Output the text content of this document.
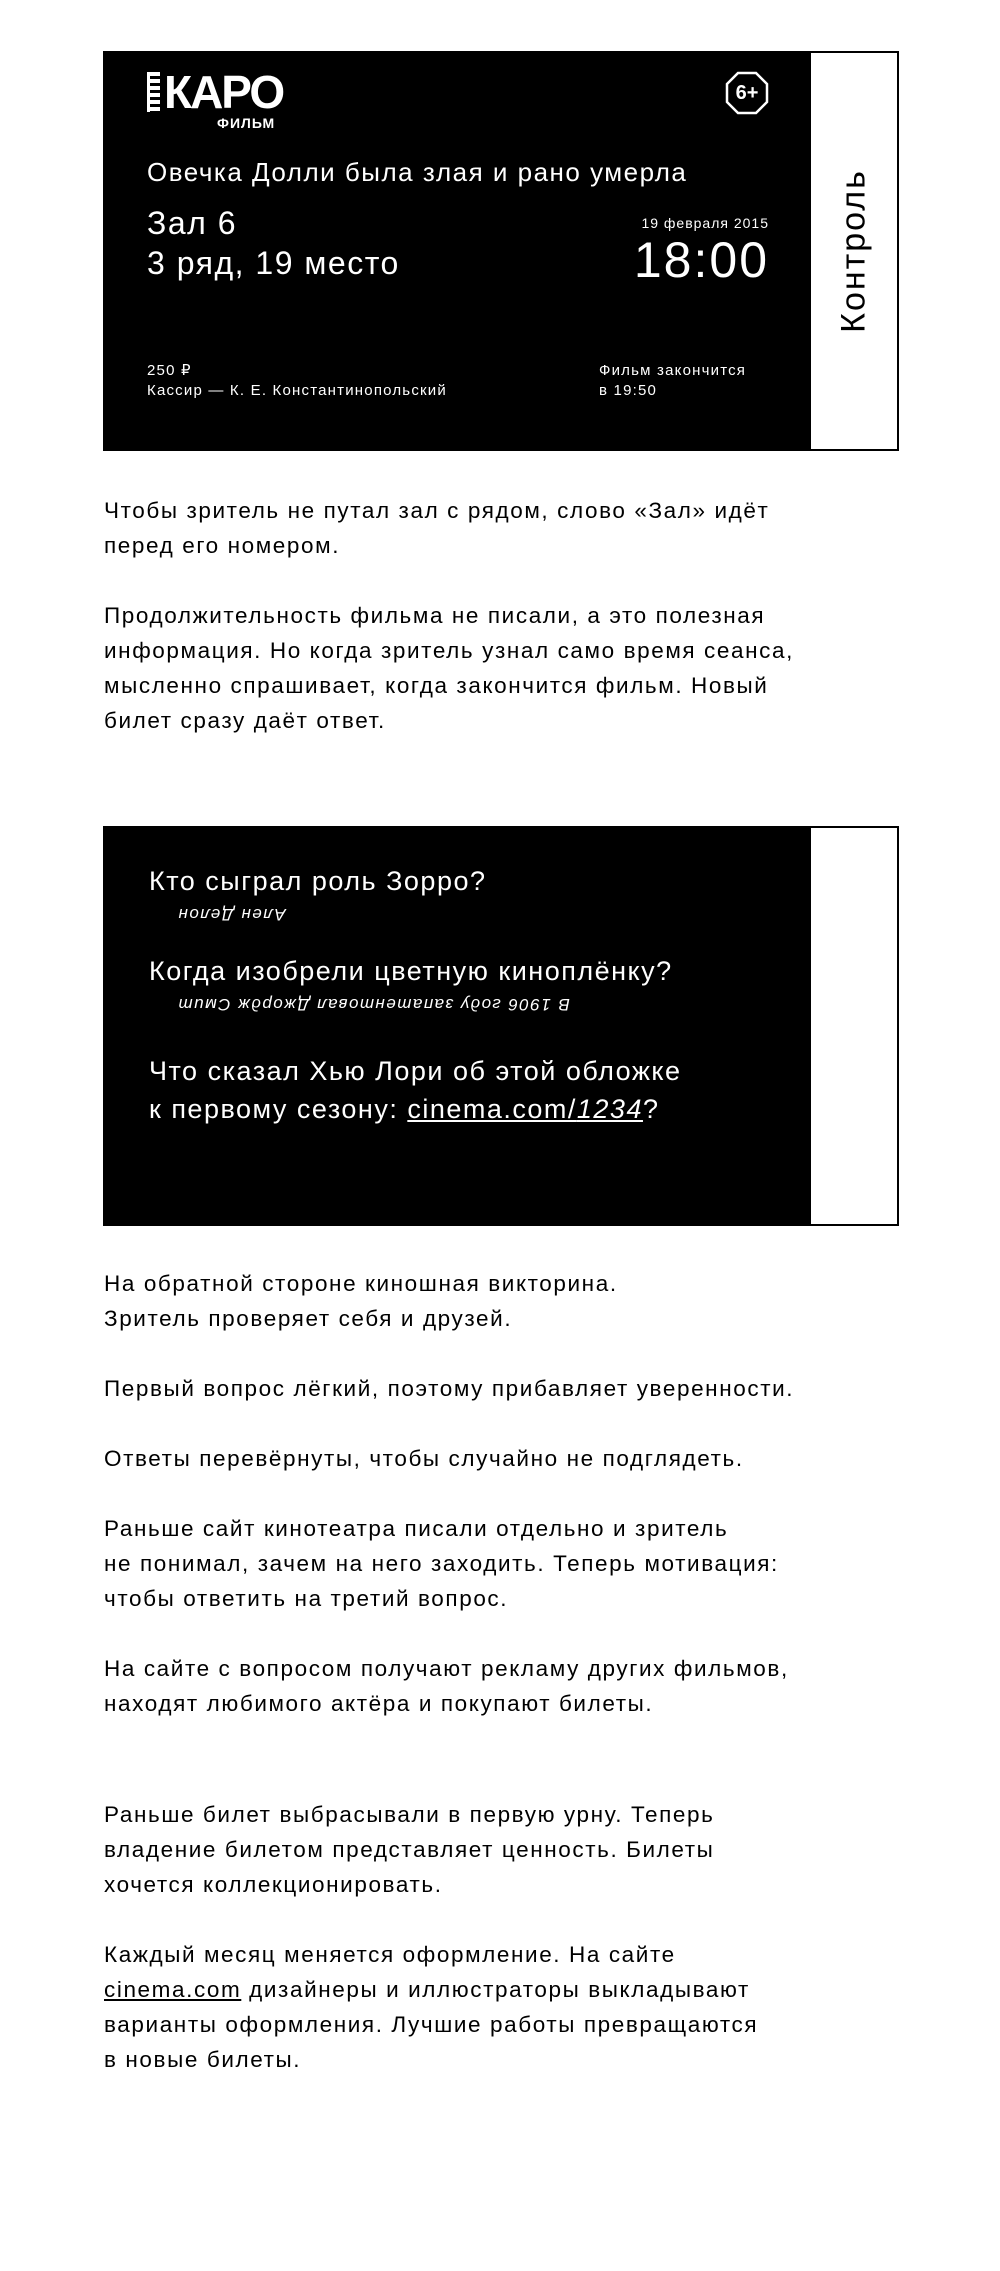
КАРО
ФИЛЬМ
6+
Овечка Долли была злая и рано умерла
Зал 6
3 ряд, 19 место
19 февраля 2015
18:00
250 ₽
Кассир — К. Е. Константинопольский
Фильм закончится
в 19:50
Контроль

Чтобы зритель не путал зал с рядом, слово «Зал» идёт
перед его номером.

Продолжительность фильма не писали, а это полезная
информация. Но когда зритель узнал само время сеанса,
мысленно спрашивает, когда закончится фильм. Новый
билет сразу даёт ответ.

Кто сыграл роль Зорро?
Ален Делон
Когда изобрели цветную киноплёнку?
В 1906 году запатентовал Джордж Смит
Что сказал Хью Лори об этой обложке
к первому сезону: cinema.com/1234?

На обратной стороне киношная викторина.
Зритель проверяет себя и друзей.

Первый вопрос лёгкий, поэтому прибавляет уверенности.

Ответы перевёрнуты, чтобы случайно не подглядеть.

Раньше сайт кинотеатра писали отдельно и зритель
не понимал, зачем на него заходить. Теперь мотивация:
чтобы ответить на третий вопрос.

На сайте с вопросом получают рекламу других фильмов,
находят любимого актёра и покупают билеты.

Раньше билет выбрасывали в первую урну. Теперь
владение билетом представляет ценность. Билеты
хочется коллекционировать.

Каждый месяц меняется оформление. На сайте
cinema.com дизайнеры и иллюстраторы выкладывают
варианты оформления. Лучшие работы превращаются
в новые билеты.
